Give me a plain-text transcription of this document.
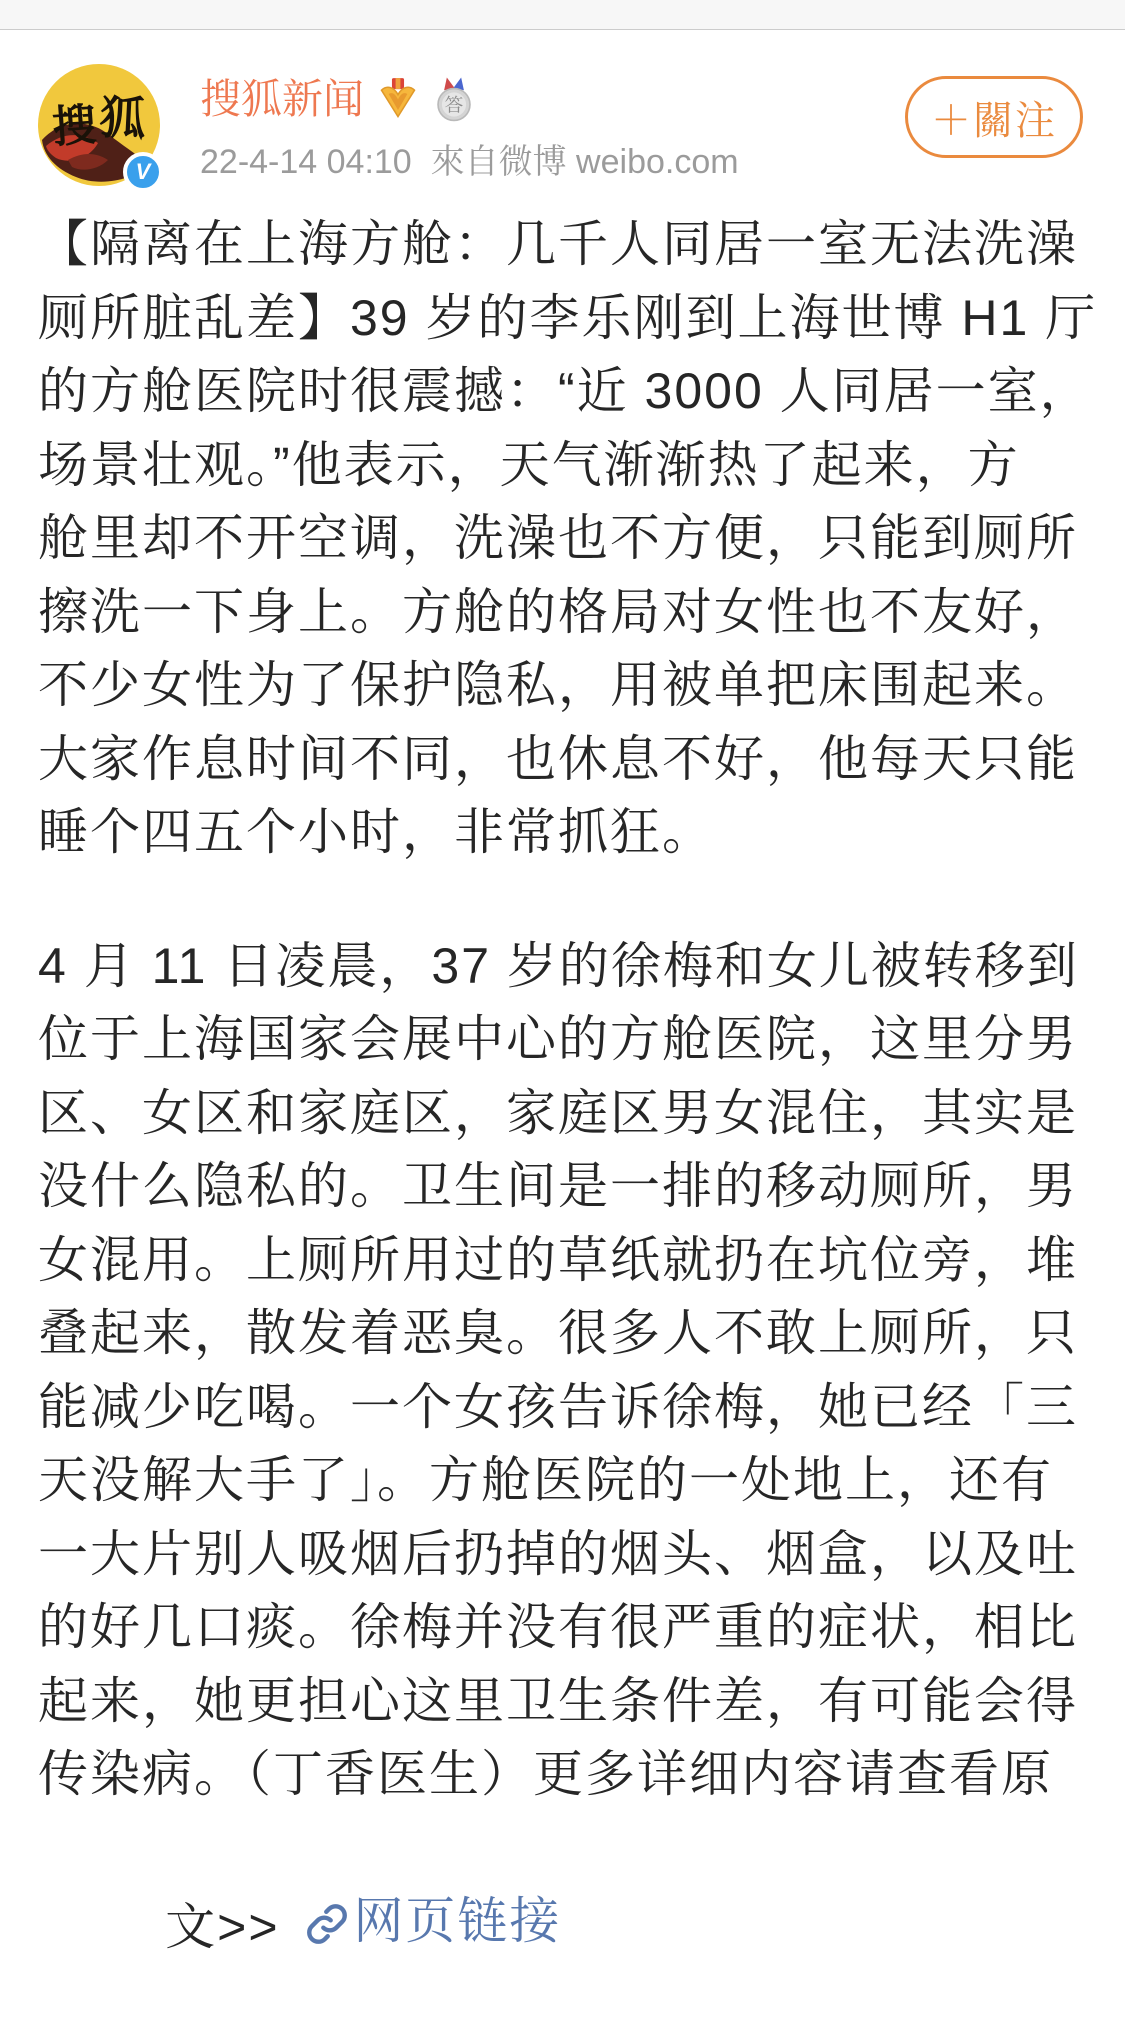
搜 狐
V
搜狐新闻	答
22-4-14 04:10  來自微博 weibo.com
＋關注
【隔离在上海方舱：几千人同居一室无法洗澡
厕所脏乱差】39 岁的李乐刚到上海世博 H1 厅
的方舱医院时很震撼：“近 3000 人同居一室，
场景壮观。”他表示，天气渐渐热了起来，方
舱里却不开空调，洗澡也不方便，只能到厕所
擦洗一下身上。方舱的格局对女性也不友好，
不少女性为了保护隐私，用被单把床围起来。
大家作息时间不同，也休息不好，他每天只能
睡个四五个小时，非常抓狂。
4 月 11 日凌晨，37 岁的徐梅和女儿被转移到
位于上海国家会展中心的方舱医院，这里分男
区、女区和家庭区，家庭区男女混住，其实是
没什么隐私的。卫生间是一排的移动厕所，男
女混用。上厕所用过的草纸就扔在坑位旁，堆
叠起来，散发着恶臭。很多人不敢上厕所，只
能减少吃喝。一个女孩告诉徐梅，她已经「三
天没解大手了」。方舱医院的一处地上，还有
一大片别人吸烟后扔掉的烟头、烟盒，以及吐
的好几口痰。徐梅并没有很严重的症状，相比
起来，她更担心这里卫生条件差，有可能会得
传染病。（丁香医生）更多详细内容请查看原

文>> 网页链接
